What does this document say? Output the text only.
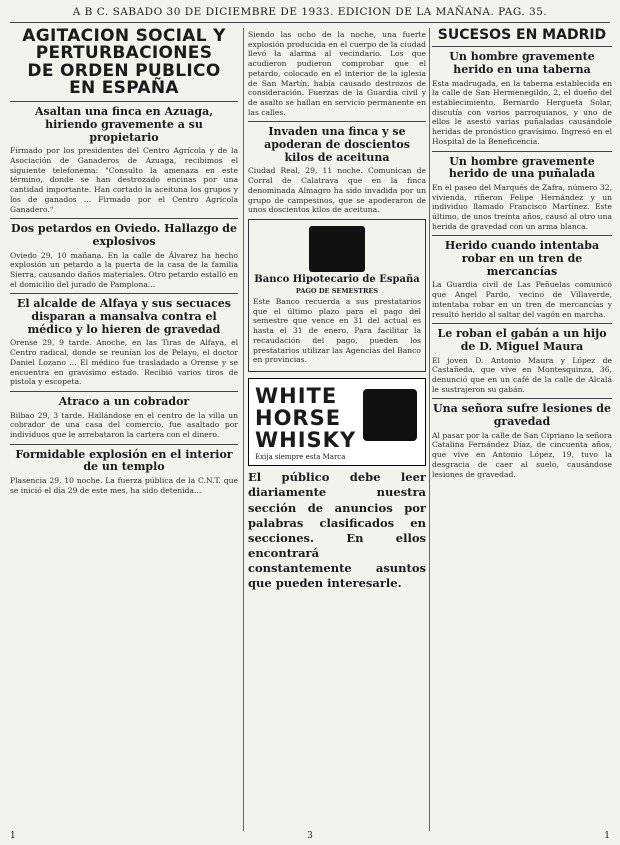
A B C. SABADO 30 DE DICIEMBRE DE 1933. EDICION DE LA MAÑANA. PAG. 35.
AGITACION SOCIAL Y
PERTURBACIONES
DE ORDEN PUBLICO
EN ESPAÑA
Asaltan una finca en Azuaga, hiriendo gravemente a su propietario
Firmado por los presidentes del Centro Agrícola y de la Asociación de Ganaderos de Azuaga, recibimos el siguiente telefonema: "Consulto la amenaza en este término, donde se han destrozado encinas por una cantidad importante. Han cortado la aceituna los grupos y los de ganados ... Firmado por el Centro Agrícola Ganadero."
Dos petardos en Oviedo. Hallazgo de explosivos
Oviedo 29, 10 mañana. En la calle de Álvarez ha hecho explosión un petardo a la puerta de la casa de la familia Sierra, causando daños materiales. Otro petardo estalló en el domicilio del jurado de Pamplona...
El alcalde de Alfaya y sus secuaces disparan a mansalva contra el médico y lo hieren de gravedad
Orense 29, 9 tarde. Anoche, en las Tiras de Alfaya, el Centro radical, donde se reunían los de Pelayo, el doctor Daniel Lozano ... El médico fue trasladado a Orense y se encuentra en gravísimo estado. Recibió varios tiros de pistola y escopeta.
Atraco a un cobrador
Bilbao 29, 3 tarde. Hallándose en el centro de la villa un cobrador de una casa del comercio, fue asaltado por individuos que le arrebataron la cartera con el dinero.
Formidable explosión en el interior de un templo
Plasencia 29, 10 noche. La fuerza pública de la C.N.T. que se inició el día 29 de este mes, ha sido detenida...
Siendo las ocho de la noche, una fuerte explosión producida en el cuerpo de la ciudad llevó la alarma al vecindario. Los que acudieron pudieron comprobar que el petardo, colocado en el interior de la iglesia de San Martín, había causado destrozos de consideración. Fuerzas de la Guardia civil y de asalto se hallan en servicio permanente en las calles.
Invaden una finca y se apoderan de doscientos kilos de aceituna
Ciudad Real, 29, 11 noche. Comunican de Corral de Calatrava que en la finca denominada Almagro ha sido invadida por un grupo de campesinos, que se apoderaron de unos doscientos kilos de aceituna.
Banco Hipotecario de España
PAGO DE SEMESTRES
Este Banco recuerda a sus prestatarios que el último plazo para el pago del semestre que vence en 31 del actual es hasta el 31 de enero. Para facilitar la recaudación del pago, pueden los prestatarios utilizar las Agencias del Banco en provincias.
WHITE HORSE
WHISKY
Exija siempre esta Marca
El público debe leer diariamente nuestra sección de anuncios por palabras clasificados en secciones. En ellos encontrará constantemente asuntos que pueden interesarle.
SUCESOS EN MADRID
Un hombre gravemente herido en una taberna
Esta madrugada, en la taberna establecida en la calle de San Hermenegildo, 2, el dueño del establecimiento, Bernardo Hergueta Solar, discutía con varios parroquianos, y uno de ellos le asestó varias puñaladas causándole heridas de pronóstico gravísimo. Ingresó en el Hospital de la Beneficencia.
Un hombre gravemente herido de una puñalada
En el paseo del Marqués de Zafra, número 32, vivienda, riñeron Felipe Hernández y un individuo llamado Francisco Martínez. Este último, de unos treinta años, causó al otro una herida de gravedad con un arma blanca.
Herido cuando intentaba robar en un tren de mercancías
La Guardia civil de Las Peñuelas comunicó que Angel Pardo, vecino de Villaverde, intentaba robar en un tren de mercancías y resultó herido al saltar del vagón en marcha.
Le roban el gabán a un hijo de D. Miguel Maura
El joven D. Antonio Maura y López de Castañeda, que vive en Montesquinza, 36, denunció que en un café de la calle de Alcalá le sustrajeron su gabán.
Una señora sufre lesiones de gravedad
Al pasar por la calle de San Cipriano la señora Catalina Fernández Díaz, de cincuenta años, que vive en Antonio López, 19, tuvo la desgracia de caer al suelo, causándose lesiones de gravedad.
1	3	1
